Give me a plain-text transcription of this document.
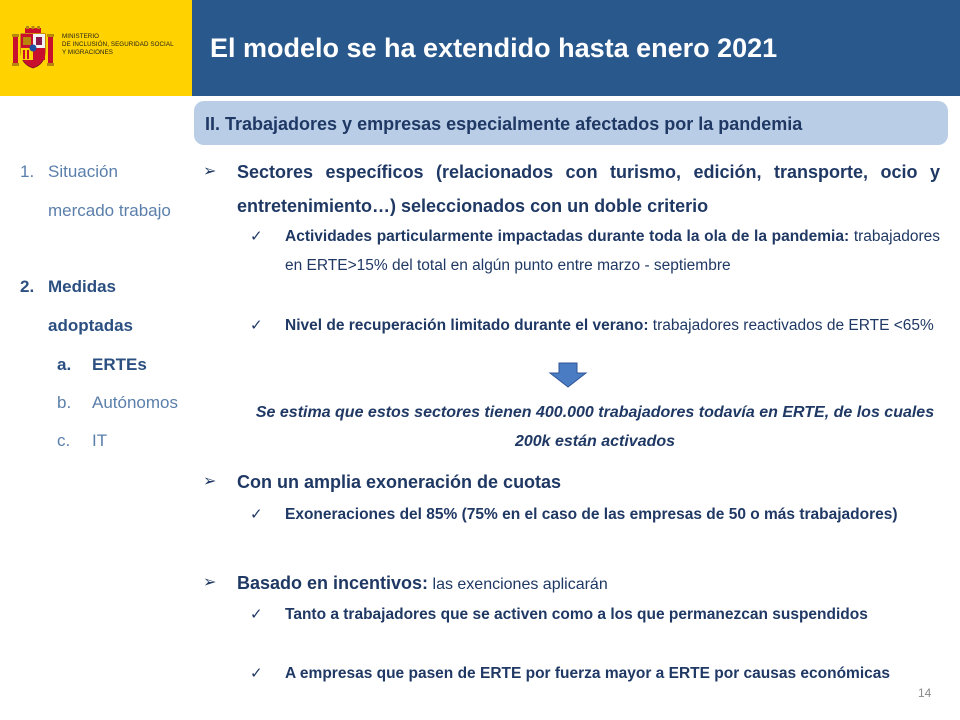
MINISTERIO
DE INCLUSIÓN, SEGURIDAD SOCIAL
Y MIGRACIONES	El modelo se ha extendido hasta enero 2021
II. Trabajadores y empresas especialmente afectados por la pandemia
1. Situación
mercado trabajo
2. Medidas
adoptadas
a. ERTEs
b. Autónomos
c. IT
➢ Sectores específicos (relacionados con turismo, edición, transporte, ocio y entretenimiento…) seleccionados con un doble criterio
✓ Actividades particularmente impactadas durante toda la ola de la pandemia: trabajadores en ERTE>15% del total en algún punto entre marzo - septiembre
✓ Nivel de recuperación limitado durante el verano: trabajadores reactivados de ERTE <65%
➢ Con un amplia exoneración de cuotas
✓ Exoneraciones del 85% (75% en el caso de las empresas de 50 o más trabajadores)
➢ Basado en incentivos: las exenciones aplicarán
✓ Tanto a trabajadores que se activen como a los que permanezcan suspendidos
✓ A empresas que pasen de ERTE por fuerza mayor a ERTE por causas económicas
Se estima que estos sectores tienen 400.000 trabajadores todavía en ERTE, de los cuales 200k están activados
14
